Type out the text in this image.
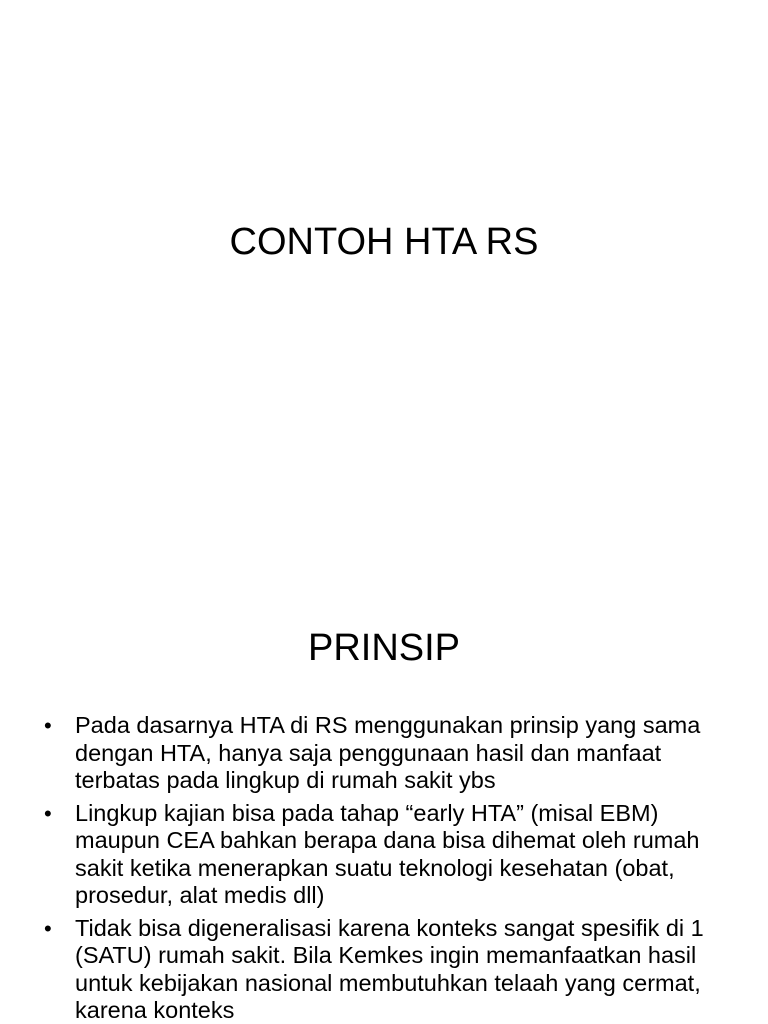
CONTOH HTA RS
PRINSIP
• Pada dasarnya HTA di RS menggunakan prinsip yang sama dengan HTA, hanya saja penggunaan hasil dan manfaat terbatas pada lingkup di rumah sakit ybs
• Lingkup kajian bisa pada tahap “early HTA” (misal EBM) maupun CEA bahkan berapa dana bisa dihemat oleh rumah sakit ketika menerapkan suatu teknologi kesehatan (obat, prosedur, alat medis dll)
• Tidak bisa digeneralisasi karena konteks sangat spesifik di 1 (SATU) rumah sakit. Bila Kemkes ingin memanfaatkan hasil untuk kebijakan nasional membutuhkan telaah yang cermat, karena konteks
